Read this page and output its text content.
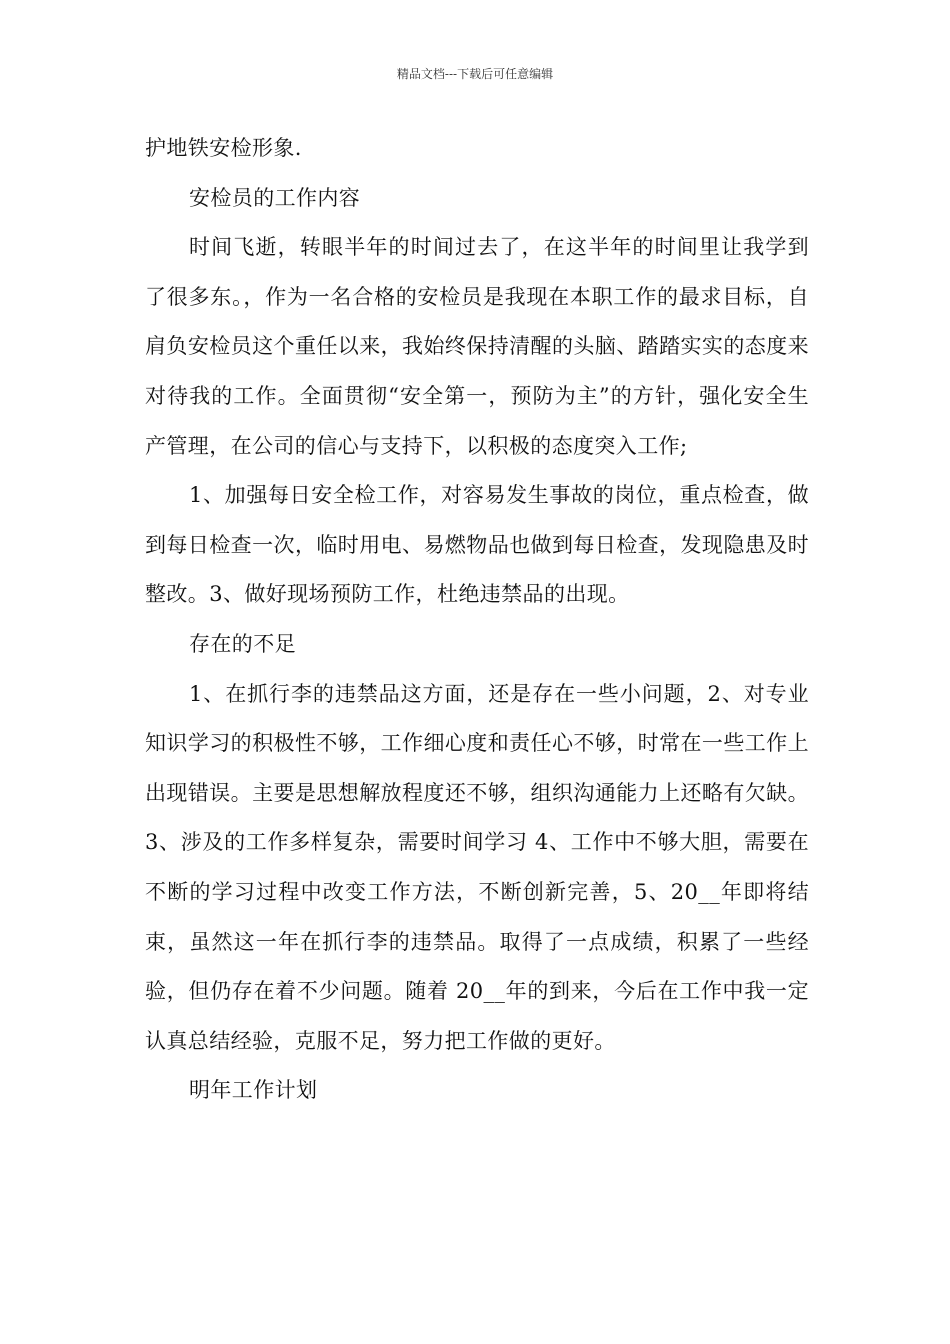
精品文档---下载后可任意编辑

护地铁安检形象.

安检员的工作内容

时间飞逝，转眼半年的时间过去了，在这半年的时间里让我学到了很多东。，作为一名合格的安检员是我现在本职工作的最求目标，自肩负安检员这个重任以来，我始终保持清醒的头脑、踏踏实实的态度来对待我的工作。全面贯彻“安全第一，预防为主”的方针，强化安全生产管理，在公司的信心与支持下，以积极的态度突入工作;

1、加强每日安全检工作，对容易发生事故的岗位，重点检查，做到每日检查一次，临时用电、易燃物品也做到每日检查，发现隐患及时整改。3、做好现场预防工作，杜绝违禁品的出现。

存在的不足

1、在抓行李的违禁品这方面，还是存在一些小问题，2、对专业知识学习的积极性不够，工作细心度和责任心不够，时常在一些工作上出现错误。主要是思想解放程度还不够，组织沟通能力上还略有欠缺。3、涉及的工作多样复杂，需要时间学习 4、工作中不够大胆，需要在不断的学习过程中改变工作方法，不断创新完善，5、20__年即将结束，虽然这一年在抓行李的违禁品。取得了一点成绩，积累了一些经验，但仍存在着不少问题。随着 20__年的到来，今后在工作中我一定认真总结经验，克服不足，努力把工作做的更好。

明年工作计划
